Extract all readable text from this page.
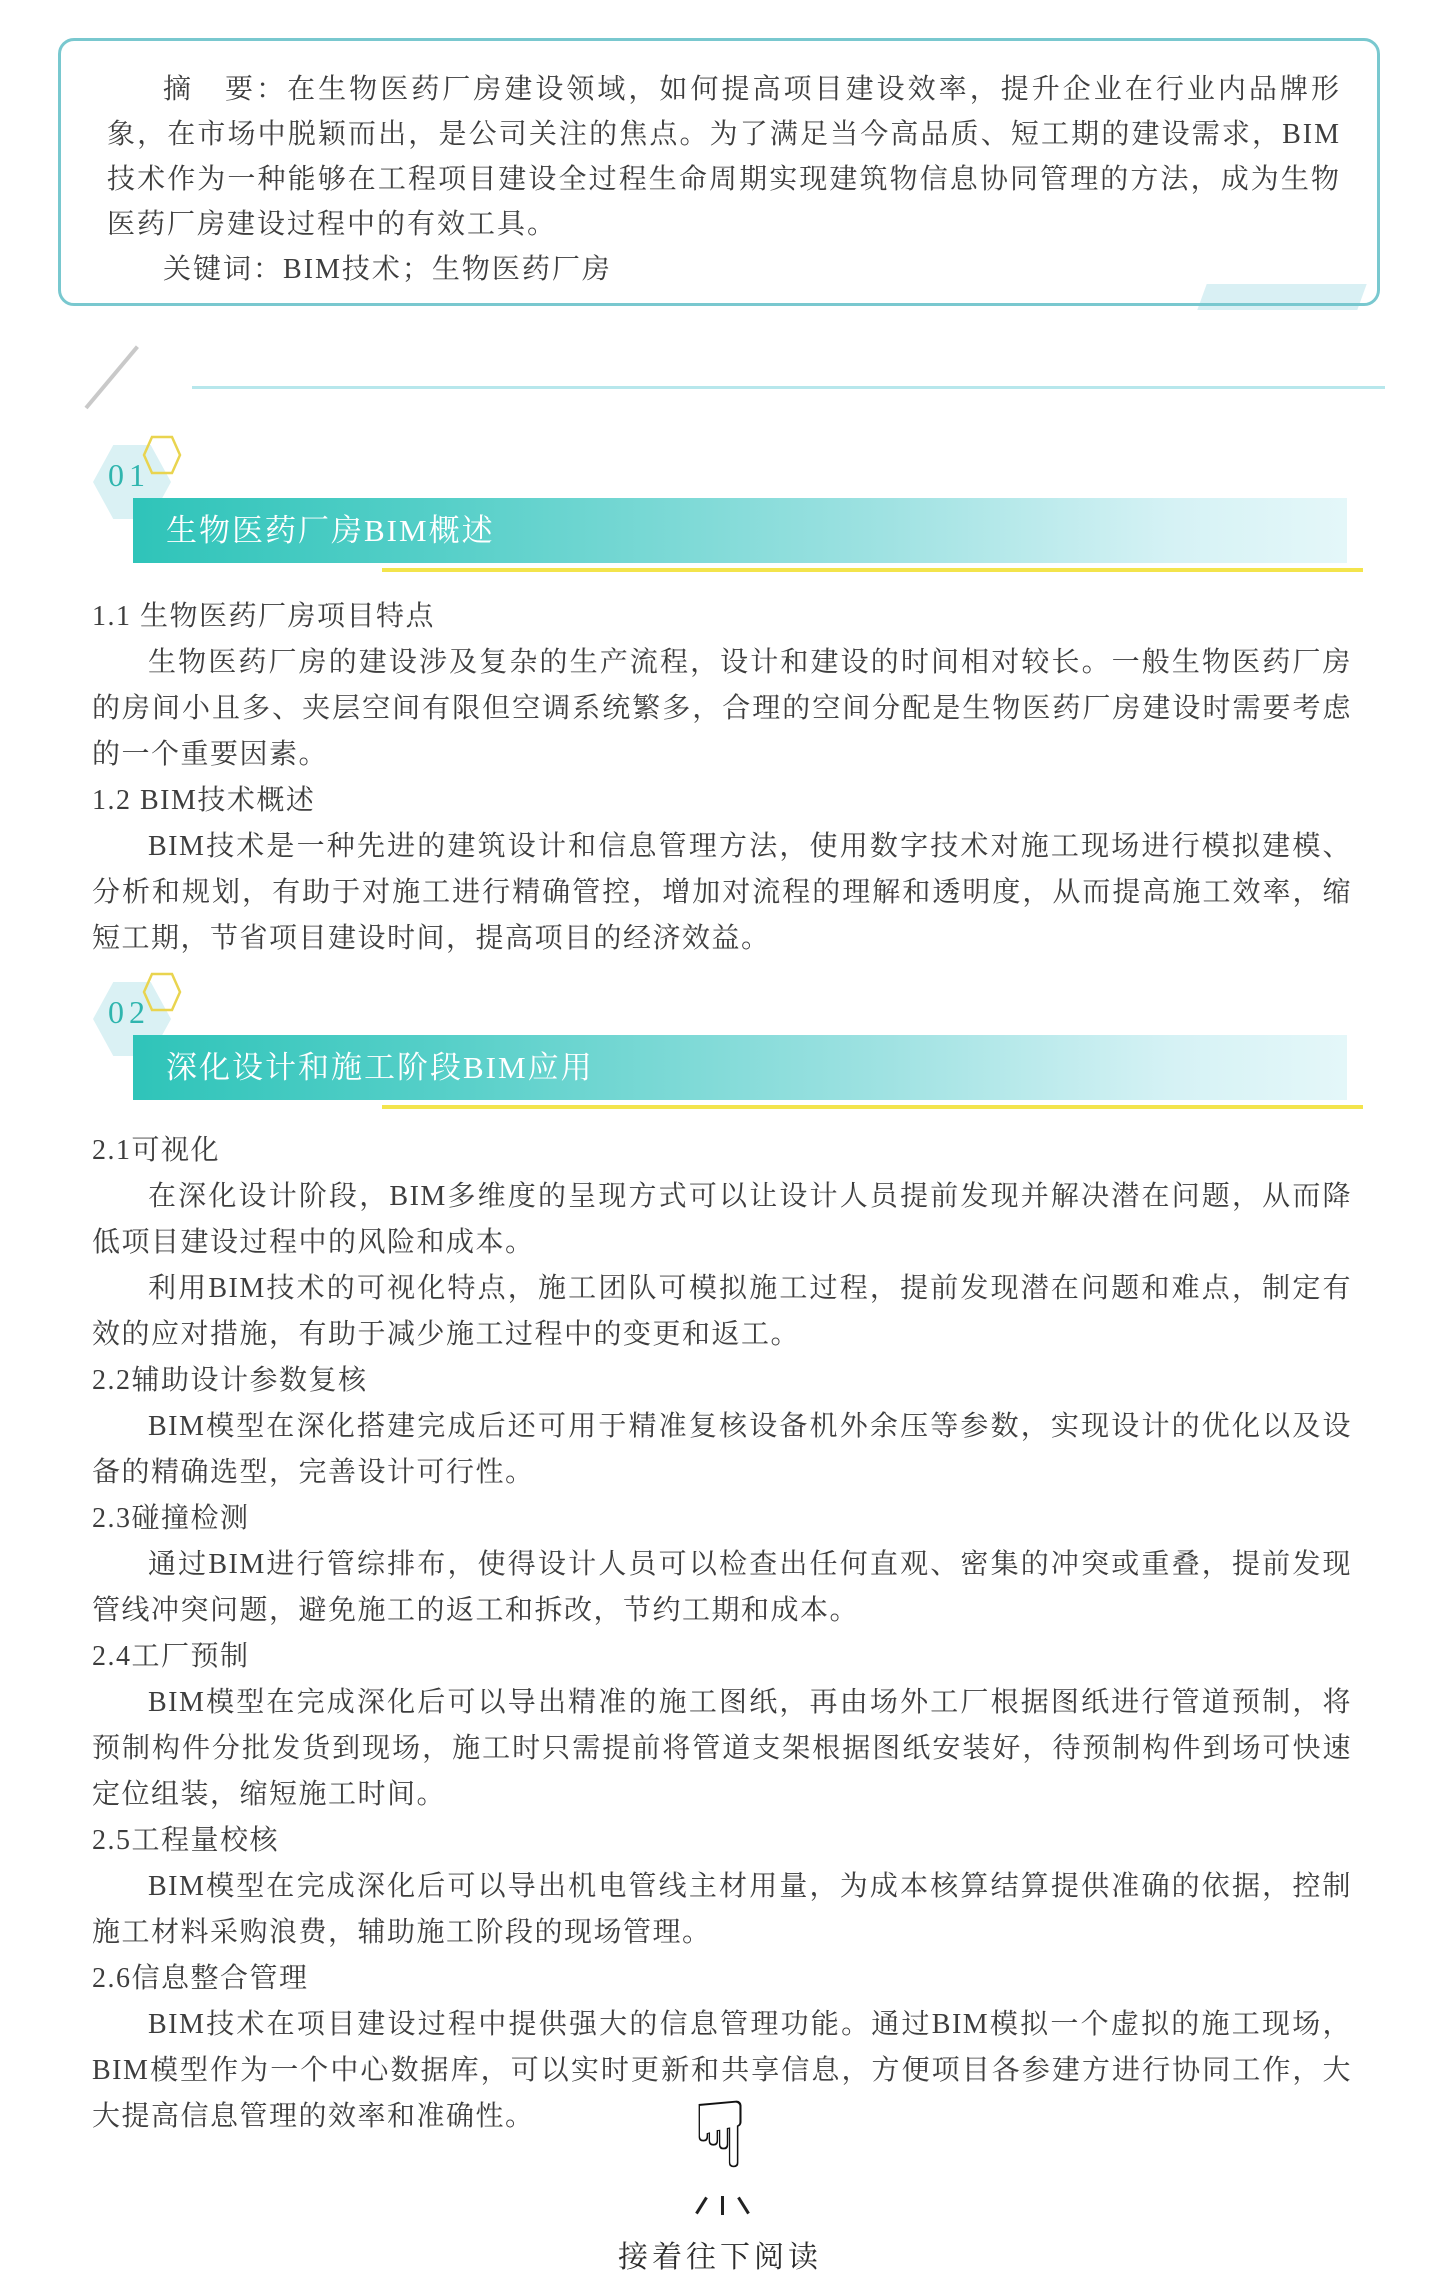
摘　要：在生物医药厂房建设领域，如何提高项目建设效率，提升企业在行业内品牌形象，在市场中脱颖而出，是公司关注的焦点。为了满足当今高品质、短工期的建设需求，BIM技术作为一种能够在工程项目建设全过程生命周期实现建筑物信息协同管理的方法，成为生物医药厂房建设过程中的有效工具。

关键词：BIM技术；生物医药厂房

01
生物医药厂房BIM概述
1.1 生物医药厂房项目特点

生物医药厂房的建设涉及复杂的生产流程，设计和建设的时间相对较长。一般生物医药厂房的房间小且多、夹层空间有限但空调系统繁多，合理的空间分配是生物医药厂房建设时需要考虑的一个重要因素。

1.2 BIM技术概述

BIM技术是一种先进的建筑设计和信息管理方法，使用数字技术对施工现场进行模拟建模、分析和规划，有助于对施工进行精确管控，增加对流程的理解和透明度，从而提高施工效率，缩短工期，节省项目建设时间，提高项目的经济效益。

02
深化设计和施工阶段BIM应用
2.1可视化

在深化设计阶段，BIM多维度的呈现方式可以让设计人员提前发现并解决潜在问题，从而降低项目建设过程中的风险和成本。

利用BIM技术的可视化特点，施工团队可模拟施工过程，提前发现潜在问题和难点，制定有效的应对措施，有助于减少施工过程中的变更和返工。

2.2辅助设计参数复核

BIM模型在深化搭建完成后还可用于精准复核设备机外余压等参数，实现设计的优化以及设备的精确选型，完善设计可行性。

2.3碰撞检测

通过BIM进行管综排布，使得设计人员可以检查出任何直观、密集的冲突或重叠，提前发现管线冲突问题，避免施工的返工和拆改，节约工期和成本。

2.4工厂预制

BIM模型在完成深化后可以导出精准的施工图纸，再由场外工厂根据图纸进行管道预制，将预制构件分批发货到现场，施工时只需提前将管道支架根据图纸安装好，待预制构件到场可快速定位组装，缩短施工时间。

2.5工程量校核

BIM模型在完成深化后可以导出机电管线主材用量，为成本核算结算提供准确的依据，控制施工材料采购浪费，辅助施工阶段的现场管理。

2.6信息整合管理

BIM技术在项目建设过程中提供强大的信息管理功能。通过BIM模拟一个虚拟的施工现场，BIM模型作为一个中心数据库，可以实时更新和共享信息，方便项目各参建方进行协同工作，大大提高信息管理的效率和准确性。	☟
接着往下阅读
